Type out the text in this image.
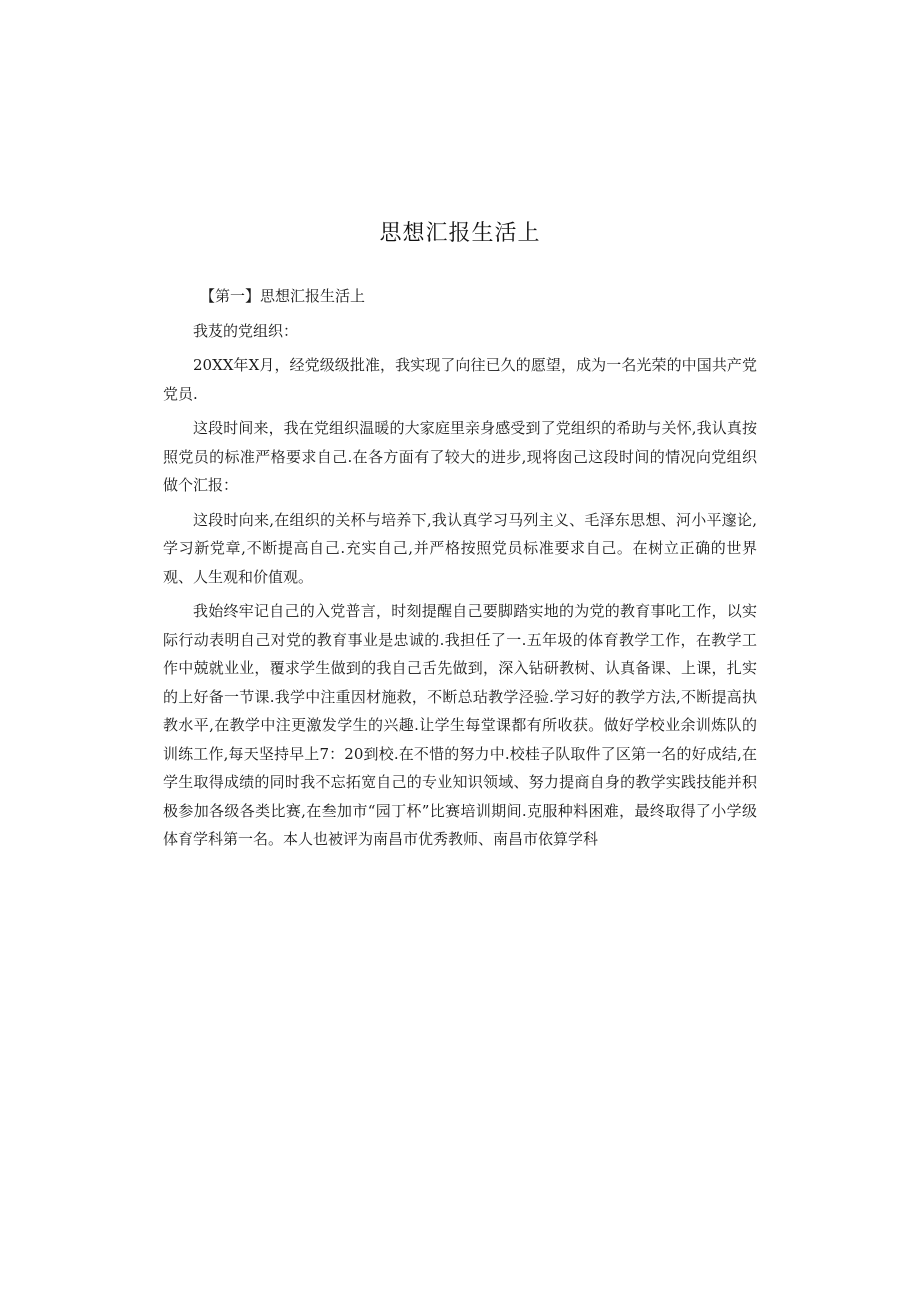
思想汇报生活上

【第一】思想汇报生活上

我芨的党组织：

20XX年X月，经党级级批准，我实现了向往已久的愿望，成为一名光荣的中国共产党党员.

这段时间来，我在党组织温暖的大家庭里亲身感受到了党组织的希助与关怀,我认真按照党员的标准严格要求自己.在各方面有了较大的进步,现将囱己这段时间的情况向党组织做个汇报：

这段时向来,在组织的关杯与培养下,我认真学习马列主义、毛泽东思想、河小平邃论,学习新党章,不断提高自己.充实自己,并严格按照党员标准要求自己。在树立正确的世界观、人生观和价值观。

我始终牢记自己的入党普言，时刻提醒自己要脚踏实地的为党的教育事叱工作，以实际行动表明自己对党的教育事业是忠诚的.我担任了一.五年圾的体育教学工作，在教学工作中兢就业业，覆求学生做到的我自己舌先做到，深入钻研教树、认真备课、上课，扎实的上好备一节课.我学中注重因材施救，不断总玷教学泾验.学习好的教学方法,不断提高执教水平,在教学中注更激发学生的兴趣.让学生每堂课都有所收获。做好学校业余训炼队的训练工作,每天坚持早上7：20到校.在不惜的努力中.校桂子队取件了区第一名的好成结,在学生取得成绩的同时我不忘拓宽自己的专业知识领域、努力提商自身的教学实践技能并积极参加各级各类比赛,在叁加市“园丁杯”比赛培训期间.克服种料困难，最终取得了小学级体育学科第一名。本人也被评为南昌市优秀教师、南昌市依算学科
